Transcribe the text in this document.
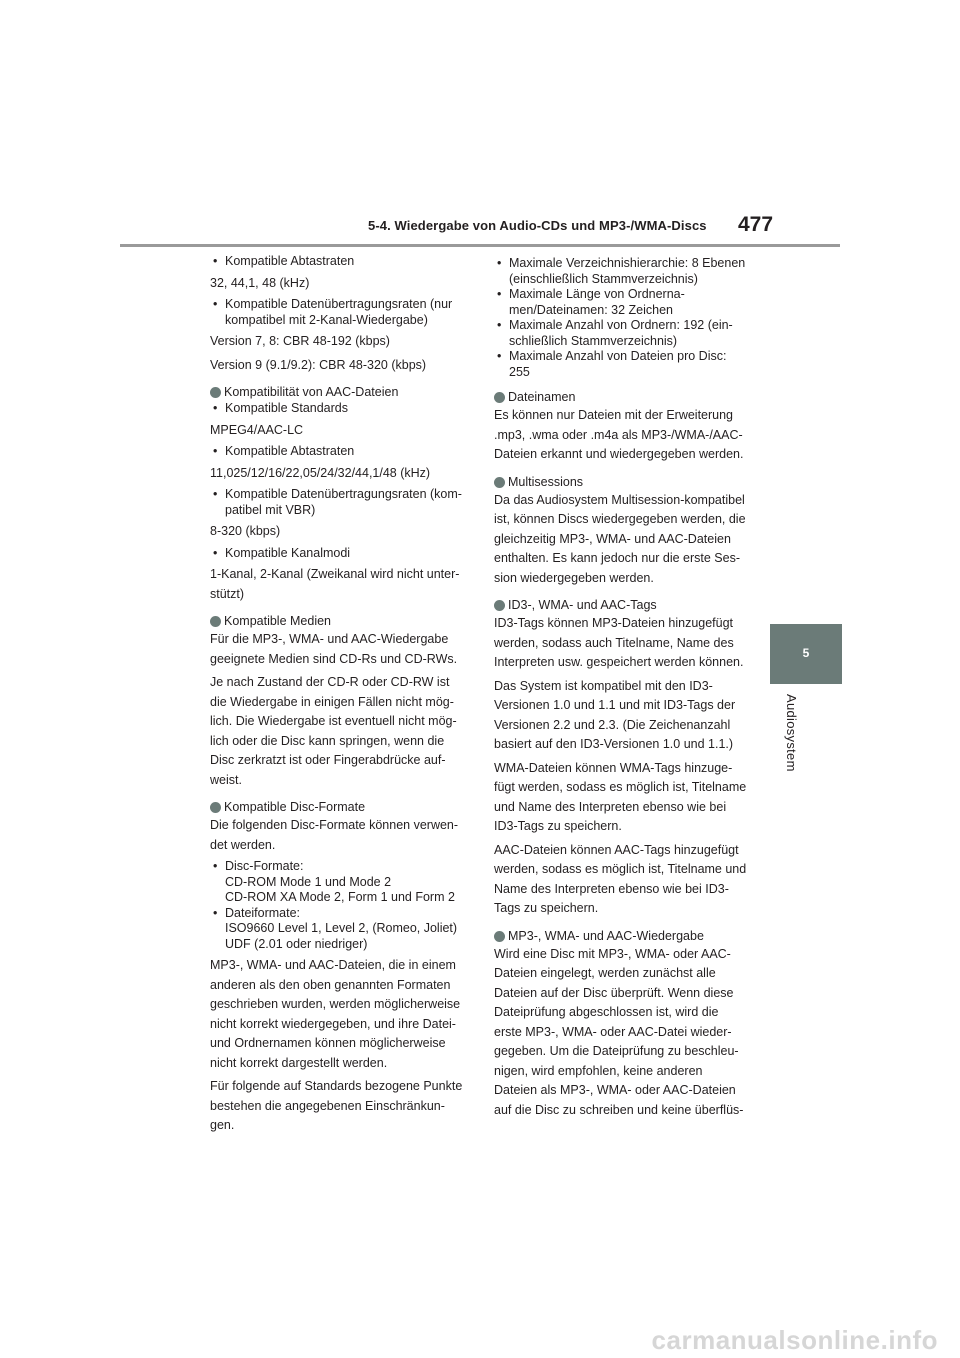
5-4. Wiedergabe von Audio-CDs und MP3-/WMA-Discs 477
5
Audiosystem

• Kompatible Abtastraten

32, 44,1, 48 (kHz)

• Kompatible Datenübertragungsraten (nur
kompatibel mit 2-Kanal-Wiedergabe)

Version 7, 8: CBR 48-192 (kbps)

Version 9 (9.1/9.2): CBR 48-320 (kbps)

Kompatibilität von AAC-Dateien

• Kompatible Standards

MPEG4/AAC-LC

• Kompatible Abtastraten

11,025/12/16/22,05/24/32/44,1/48 (kHz)

• Kompatible Datenübertragungsraten (kom-
patibel mit VBR)

8-320 (kbps)

• Kompatible Kanalmodi

1-Kanal, 2-Kanal (Zweikanal wird nicht unter-

stützt)

Kompatible Medien

Für die MP3-, WMA- und AAC-Wiedergabe

geeignete Medien sind CD-Rs und CD-RWs.

Je nach Zustand der CD-R oder CD-RW ist

die Wiedergabe in einigen Fällen nicht mög-

lich. Die Wiedergabe ist eventuell nicht mög-

lich oder die Disc kann springen, wenn die

Disc zerkratzt ist oder Fingerabdrücke auf-

weist.

Kompatible Disc-Formate

Die folgenden Disc-Formate können verwen-

det werden.

• Disc-Formate:
CD-ROM Mode 1 und Mode 2
CD-ROM XA Mode 2, Form 1 und Form 2
• Dateiformate:
ISO9660 Level 1, Level 2, (Romeo, Joliet)
UDF (2.01 oder niedriger)

MP3-, WMA- und AAC-Dateien, die in einem

anderen als den oben genannten Formaten

geschrieben wurden, werden möglicherweise

nicht korrekt wiedergegeben, und ihre Datei-

und Ordnernamen können möglicherweise

nicht korrekt dargestellt werden.

Für folgende auf Standards bezogene Punkte

bestehen die angegebenen Einschränkun-

gen.

• Maximale Verzeichnishierarchie: 8 Ebenen
(einschließlich Stammverzeichnis)
• Maximale Länge von Ordnerna-
men/Dateinamen: 32 Zeichen
• Maximale Anzahl von Ordnern: 192 (ein-
schließlich Stammverzeichnis)
• Maximale Anzahl von Dateien pro Disc:
255

Dateinamen

Es können nur Dateien mit der Erweiterung

.mp3, .wma oder .m4a als MP3-/WMA-/AAC-

Dateien erkannt und wiedergegeben werden.

Multisessions

Da das Audiosystem Multisession-kompatibel

ist, können Discs wiedergegeben werden, die

gleichzeitig MP3-, WMA- und AAC-Dateien

enthalten. Es kann jedoch nur die erste Ses-

sion wiedergegeben werden.

ID3-, WMA- und AAC-Tags

ID3-Tags können MP3-Dateien hinzugefügt

werden, sodass auch Titelname, Name des

Interpreten usw. gespeichert werden können.

Das System ist kompatibel mit den ID3-

Versionen 1.0 und 1.1 und mit ID3-Tags der

Versionen 2.2 und 2.3. (Die Zeichenanzahl

basiert auf den ID3-Versionen 1.0 und 1.1.)

WMA-Dateien können WMA-Tags hinzuge-

fügt werden, sodass es möglich ist, Titelname

und Name des Interpreten ebenso wie bei

ID3-Tags zu speichern.

AAC-Dateien können AAC-Tags hinzugefügt

werden, sodass es möglich ist, Titelname und

Name des Interpreten ebenso wie bei ID3-

Tags zu speichern.

MP3-, WMA- und AAC-Wiedergabe

Wird eine Disc mit MP3-, WMA- oder AAC-

Dateien eingelegt, werden zunächst alle

Dateien auf der Disc überprüft. Wenn diese

Dateiprüfung abgeschlossen ist, wird die

erste MP3-, WMA- oder AAC-Datei wieder-

gegeben. Um die Dateiprüfung zu beschleu-

nigen, wird empfohlen, keine anderen

Dateien als MP3-, WMA- oder AAC-Dateien

auf die Disc zu schreiben und keine überflüs-

carmanualsonline.info
